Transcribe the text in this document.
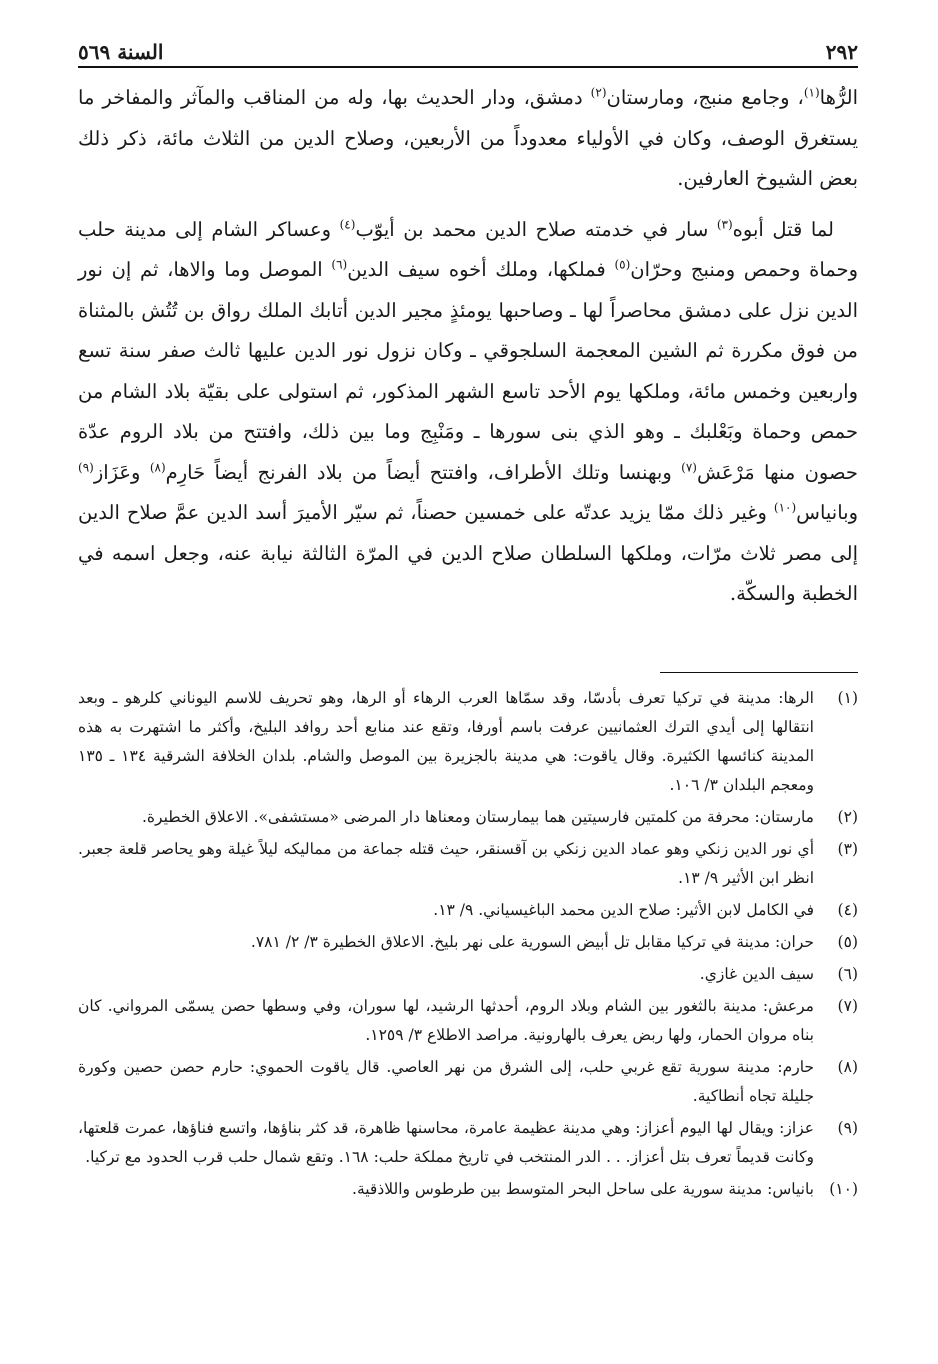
٢٩٢
السنة ٥٦٩

الرُّها$^{(١)}$، وجامع منبج، ومارستان$^{(٢)}$ دمشق، ودار الحديث بها، وله من المناقب والمآثر والمفاخر ما يستغرق الوصف، وكان في الأولياء معدوداً من الأربعين، وصلاح الدين من الثلاث مائة، ذكر ذلك بعض الشيوخ العارفين.

لما قتل أبوه$^{(٣)}$ سار في خدمته صلاح الدين محمد بن أيوّب$^{(٤)}$ وعساكر الشام إلى مدينة حلب وحماة وحمص ومنبج وحرّان$^{(٥)}$ فملكها، وملك أخوه سيف الدين$^{(٦)}$ الموصل وما والاها، ثم إن نور الدين نزل على دمشق محاصراً لها ـ وصاحبها يومئذٍ مجير الدين أتابك الملك رواق بن تُتُش بالمثناة من فوق مكررة ثم الشين المعجمة السلجوقي ـ وكان نزول نور الدين عليها ثالث صفر سنة تسع واربعين وخمس مائة، وملكها يوم الأحد تاسع الشهر المذكور، ثم استولى على بقيّة بلاد الشام من حمص وحماة وبَعْلبك ـ وهو الذي بنى سورها ـ ومَنْبِج وما بين ذلك، وافتتح من بلاد الروم عدّة حصون منها مَرْعَش$^{(٧)}$ وبهنسا وتلك الأطراف، وافتتح أيضاً من بلاد الفرنج أيضاً حَارِم$^{(٨)}$ وعَزَاز$^{(٩)}$ وبانياس$^{(١٠)}$ وغير ذلك ممّا يزيد عدتّه على خمسين حصناً، ثم سيّر الأميرَ أسد الدين عمَّ صلاح الدين إلى مصر ثلاث مرّات، وملكها السلطان صلاح الدين في المرّة الثالثة نيابة عنه، وجعل اسمه في الخطبة والسكّة.

(١)
الرها: مدينة في تركيا تعرف بأدسّا، وقد سمّاها العرب الرهاء أو الرها، وهو تحريف للاسم اليوناني كلرهو ـ وبعد انتقالها إلى أيدي الترك العثمانيين عرفت باسم أورفا، وتقع عند منابع أحد روافد البليخ، وأكثر ما اشتهرت به هذه المدينة كنائسها الكثيرة. وقال ياقوت: هي مدينة بالجزيرة بين الموصل والشام. بلدان الخلافة الشرقية ١٣٤ ـ ١٣٥ ومعجم البلدان ٣/ ١٠٦.
(٢)
مارستان: محرفة من كلمتين فارسيتين هما بيمارستان ومعناها دار المرضى «مستشفى». الاعلاق الخطيرة.
(٣)
أي نور الدين زنكي وهو عماد الدين زنكي بن آقسنقر، حيث قتله جماعة من مماليكه ليلاً غيلة وهو يحاصر قلعة جعبر. انظر ابن الأثير ٩/ ١٣.
(٤)
في الكامل لابن الأثير: صلاح الدين محمد الباغيسياني. ٩/ ١٣.
(٥)
حران: مدينة في تركيا مقابل تل أبيض السورية على نهر بليخ. الاعلاق الخطيرة ٣/ ٢/ ٧٨١.
(٦)
سيف الدين غازي.
(٧)
مرعش: مدينة بالثغور بين الشام وبلاد الروم، أحدثها الرشيد، لها سوران، وفي وسطها حصن يسمّى المرواني. كان بناه مروان الحمار، ولها ربض يعرف بالهارونية. مراصد الاطلاع ٣/ ١٢٥٩.
(٨)
حارم: مدينة سورية تقع غربي حلب، إلى الشرق من نهر العاصي. قال ياقوت الحموي: حارم حصن حصين وكورة جليلة تجاه أنطاكية.
(٩)
عزاز: ويقال لها اليوم أعزاز: وهي مدينة عظيمة عامرة، محاسنها ظاهرة، قد كثر بناؤها، واتسع فناؤها، عمرت قلعتها، وكانت قديماً تعرف بتل أعزاز. . . الدر المنتخب في تاريخ مملكة حلب: ١٦٨. وتقع شمال حلب قرب الحدود مع تركيا.
(١٠)
بانياس: مدينة سورية على ساحل البحر المتوسط بين طرطوس واللاذقية.
